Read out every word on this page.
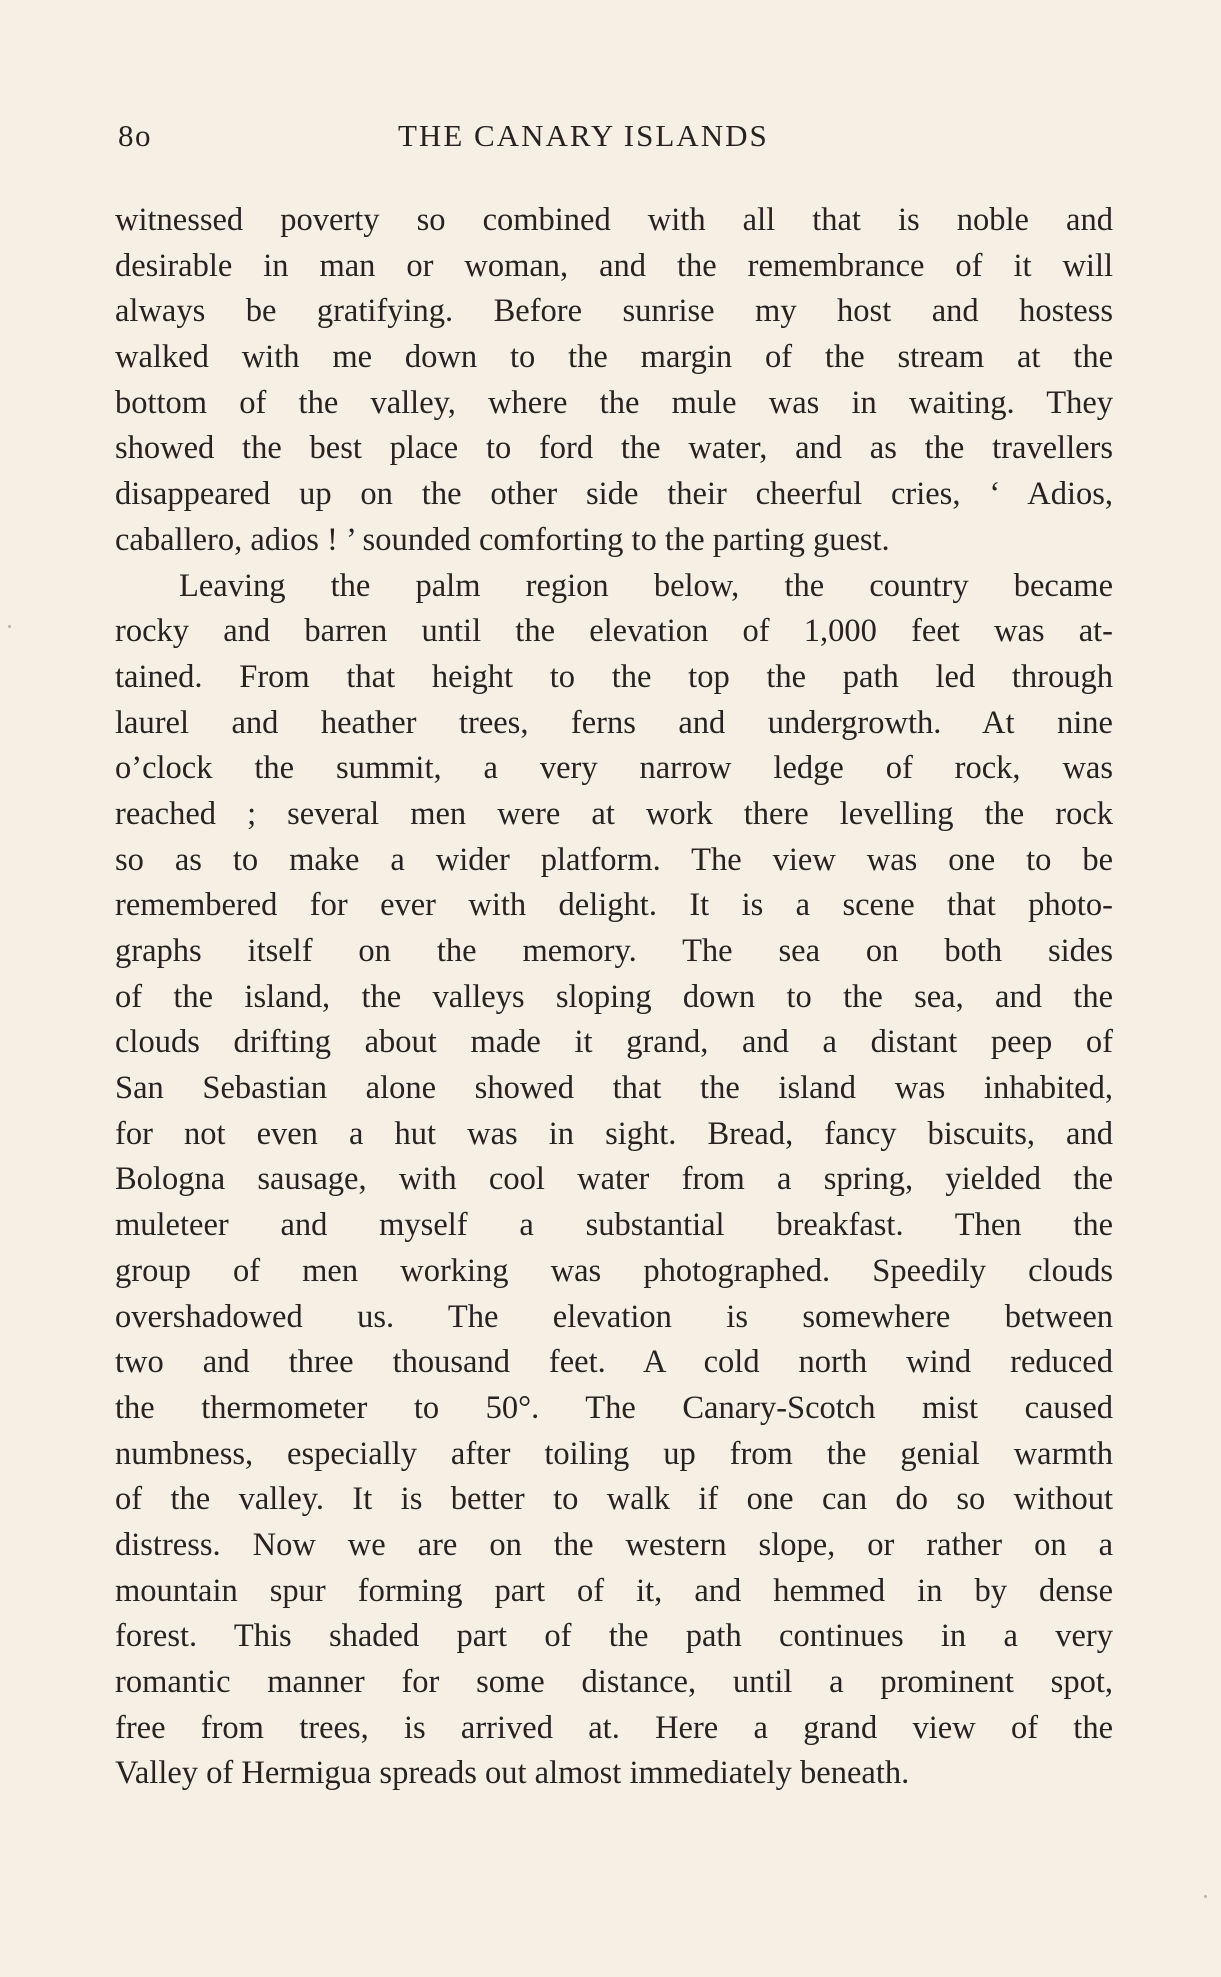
8o	THE CANARY ISLANDS
witnessed poverty so combined with all that is noble and
desirable in man or woman, and the remembrance of it will
always be gratifying. Before sunrise my host and hostess
walked with me down to the margin of the stream at the
bottom of the valley, where the mule was in waiting. They
showed the best place to ford the water, and as the travellers
disappeared up on the other side their cheerful cries, ‘ Adios,
caballero, adios ! ’ sounded comforting to the parting guest.
Leaving the palm region below, the country became
rocky and barren until the elevation of 1,000 feet was at-
tained. From that height to the top the path led through
laurel and heather trees, ferns and undergrowth. At nine
o’clock the summit, a very narrow ledge of rock, was
reached ; several men were at work there levelling the rock
so as to make a wider platform. The view was one to be
remembered for ever with delight. It is a scene that photo-
graphs itself on the memory. The sea on both sides
of the island, the valleys sloping down to the sea, and the
clouds drifting about made it grand, and a distant peep of
San Sebastian alone showed that the island was inhabited,
for not even a hut was in sight. Bread, fancy biscuits, and
Bologna sausage, with cool water from a spring, yielded the
muleteer and myself a substantial breakfast. Then the
group of men working was photographed. Speedily clouds
overshadowed us. The elevation is somewhere between
two and three thousand feet. A cold north wind reduced
the thermometer to 50°. The Canary-Scotch mist caused
numbness, especially after toiling up from the genial warmth
of the valley. It is better to walk if one can do so without
distress. Now we are on the western slope, or rather on a
mountain spur forming part of it, and hemmed in by dense
forest. This shaded part of the path continues in a very
romantic manner for some distance, until a prominent spot,
free from trees, is arrived at. Here a grand view of the
Valley of Hermigua spreads out almost immediately beneath.
